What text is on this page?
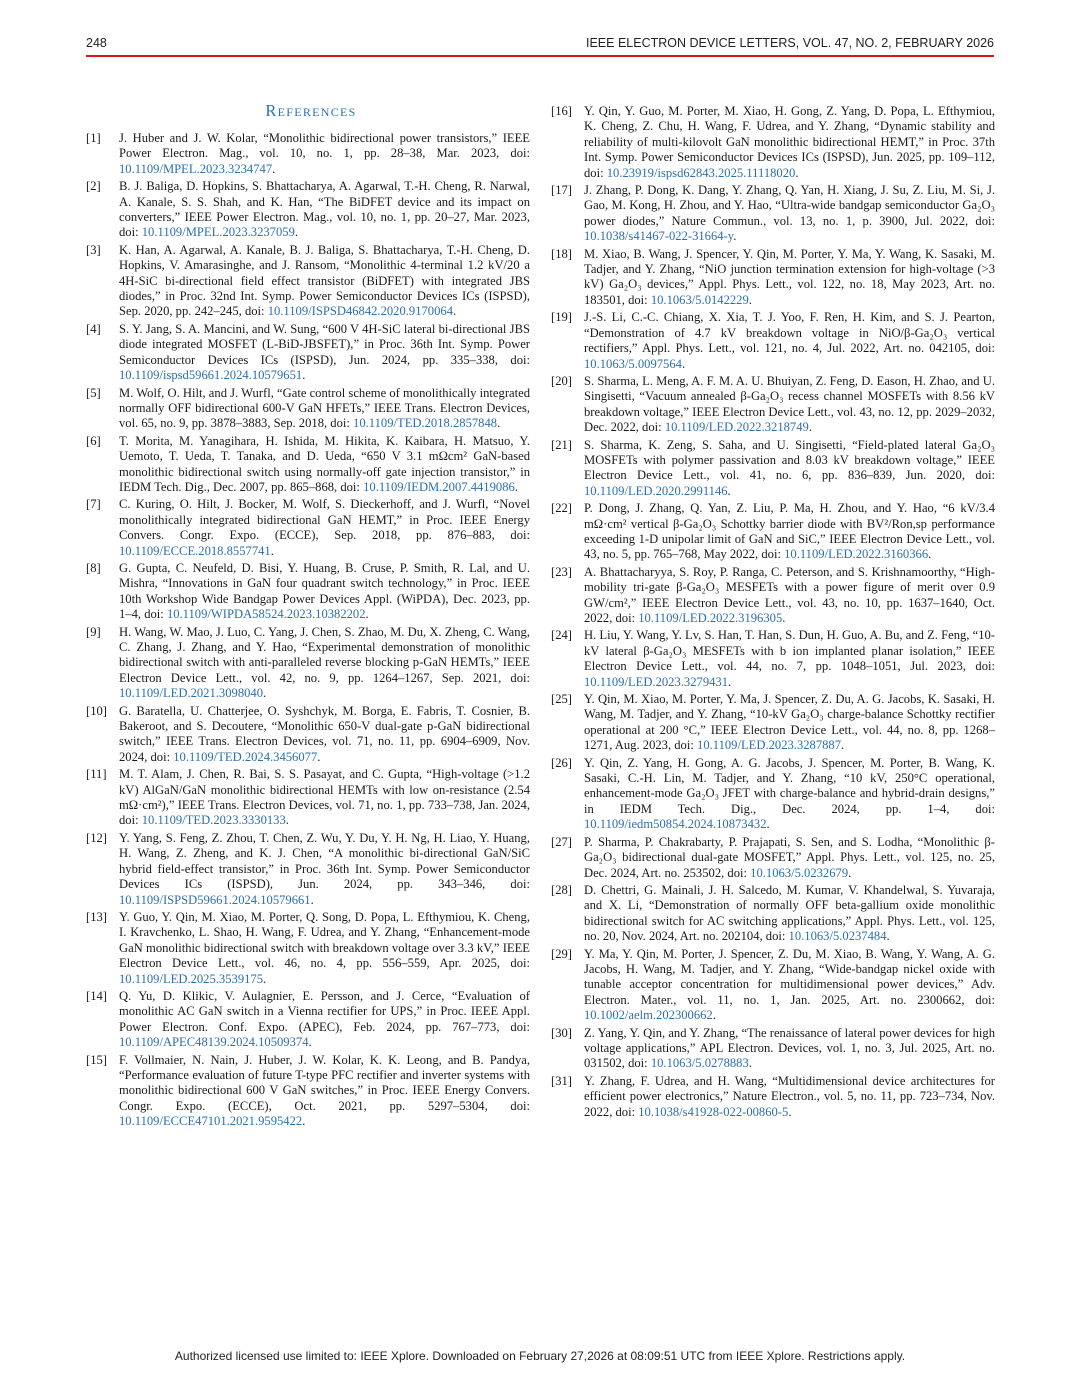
248	IEEE ELECTRON DEVICE LETTERS, VOL. 47, NO. 2, FEBRUARY 2026
References
[1] J. Huber and J. W. Kolar, “Monolithic bidirectional power transistors,” IEEE Power Electron. Mag., vol. 10, no. 1, pp. 28–38, Mar. 2023, doi: 10.1109/MPEL.2023.3234747.
[2] B. J. Baliga, D. Hopkins, S. Bhattacharya, A. Agarwal, T.-H. Cheng, R. Narwal, A. Kanale, S. S. Shah, and K. Han, “The BiDFET device and its impact on converters,” IEEE Power Electron. Mag., vol. 10, no. 1, pp. 20–27, Mar. 2023, doi: 10.1109/MPEL.2023.3237059.
[3] K. Han, A. Agarwal, A. Kanale, B. J. Baliga, S. Bhattacharya, T.-H. Cheng, D. Hopkins, V. Amarasinghe, and J. Ransom, “Monolithic 4-terminal 1.2 kV/20 a 4H-SiC bi-directional field effect transistor (BiDFET) with integrated JBS diodes,” in Proc. 32nd Int. Symp. Power Semiconductor Devices ICs (ISPSD), Sep. 2020, pp. 242–245, doi: 10.1109/ISPSD46842.2020.9170064.
[4] S. Y. Jang, S. A. Mancini, and W. Sung, “600 V 4H-SiC lateral bi-directional JBS diode integrated MOSFET (L-BiD-JBSFET),” in Proc. 36th Int. Symp. Power Semiconductor Devices ICs (ISPSD), Jun. 2024, pp. 335–338, doi: 10.1109/ispsd59661.2024.10579651.
[5] M. Wolf, O. Hilt, and J. Wurfl, “Gate control scheme of monolithically integrated normally OFF bidirectional 600-V GaN HFETs,” IEEE Trans. Electron Devices, vol. 65, no. 9, pp. 3878–3883, Sep. 2018, doi: 10.1109/TED.2018.2857848.
[6] T. Morita, M. Yanagihara, H. Ishida, M. Hikita, K. Kaibara, H. Matsuo, Y. Uemoto, T. Ueda, T. Tanaka, and D. Ueda, “650 V 3.1 mΩcm² GaN-based monolithic bidirectional switch using normally-off gate injection transistor,” in IEDM Tech. Dig., Dec. 2007, pp. 865–868, doi: 10.1109/IEDM.2007.4419086.
[7] C. Kuring, O. Hilt, J. Bocker, M. Wolf, S. Dieckerhoff, and J. Wurfl, “Novel monolithically integrated bidirectional GaN HEMT,” in Proc. IEEE Energy Convers. Congr. Expo. (ECCE), Sep. 2018, pp. 876–883, doi: 10.1109/ECCE.2018.8557741.
[8] G. Gupta, C. Neufeld, D. Bisi, Y. Huang, B. Cruse, P. Smith, R. Lal, and U. Mishra, “Innovations in GaN four quadrant switch technology,” in Proc. IEEE 10th Workshop Wide Bandgap Power Devices Appl. (WiPDA), Dec. 2023, pp. 1–4, doi: 10.1109/WIPDA58524.2023.10382202.
[9] H. Wang, W. Mao, J. Luo, C. Yang, J. Chen, S. Zhao, M. Du, X. Zheng, C. Wang, C. Zhang, J. Zhang, and Y. Hao, “Experimental demonstration of monolithic bidirectional switch with anti-paralleled reverse blocking p-GaN HEMTs,” IEEE Electron Device Lett., vol. 42, no. 9, pp. 1264–1267, Sep. 2021, doi: 10.1109/LED.2021.3098040.
[10] G. Baratella, U. Chatterjee, O. Syshchyk, M. Borga, E. Fabris, T. Cosnier, B. Bakeroot, and S. Decoutere, “Monolithic 650-V dual-gate p-GaN bidirectional switch,” IEEE Trans. Electron Devices, vol. 71, no. 11, pp. 6904–6909, Nov. 2024, doi: 10.1109/TED.2024.3456077.
[11] M. T. Alam, J. Chen, R. Bai, S. S. Pasayat, and C. Gupta, “High-voltage (>1.2 kV) AlGaN/GaN monolithic bidirectional HEMTs with low on-resistance (2.54 mΩ·cm²),” IEEE Trans. Electron Devices, vol. 71, no. 1, pp. 733–738, Jan. 2024, doi: 10.1109/TED.2023.3330133.
[12] Y. Yang, S. Feng, Z. Zhou, T. Chen, Z. Wu, Y. Du, Y. H. Ng, H. Liao, Y. Huang, H. Wang, Z. Zheng, and K. J. Chen, “A monolithic bi-directional GaN/SiC hybrid field-effect transistor,” in Proc. 36th Int. Symp. Power Semiconductor Devices ICs (ISPSD), Jun. 2024, pp. 343–346, doi: 10.1109/ISPSD59661.2024.10579661.
[13] Y. Guo, Y. Qin, M. Xiao, M. Porter, Q. Song, D. Popa, L. Efthymiou, K. Cheng, I. Kravchenko, L. Shao, H. Wang, F. Udrea, and Y. Zhang, “Enhancement-mode GaN monolithic bidirectional switch with breakdown voltage over 3.3 kV,” IEEE Electron Device Lett., vol. 46, no. 4, pp. 556–559, Apr. 2025, doi: 10.1109/LED.2025.3539175.
[14] Q. Yu, D. Klikic, V. Aulagnier, E. Persson, and J. Cerce, “Evaluation of monolithic AC GaN switch in a Vienna rectifier for UPS,” in Proc. IEEE Appl. Power Electron. Conf. Expo. (APEC), Feb. 2024, pp. 767–773, doi: 10.1109/APEC48139.2024.10509374.
[15] F. Vollmaier, N. Nain, J. Huber, J. W. Kolar, K. K. Leong, and B. Pandya, “Performance evaluation of future T-type PFC rectifier and inverter systems with monolithic bidirectional 600 V GaN switches,” in Proc. IEEE Energy Convers. Congr. Expo. (ECCE), Oct. 2021, pp. 5297–5304, doi: 10.1109/ECCE47101.2021.9595422.
[16] Y. Qin, Y. Guo, M. Porter, M. Xiao, H. Gong, Z. Yang, D. Popa, L. Efthymiou, K. Cheng, Z. Chu, H. Wang, F. Udrea, and Y. Zhang, “Dynamic stability and reliability of multi-kilovolt GaN monolithic bidirectional HEMT,” in Proc. 37th Int. Symp. Power Semiconductor Devices ICs (ISPSD), Jun. 2025, pp. 109–112, doi: 10.23919/ispsd62843.2025.11118020.
[17] J. Zhang, P. Dong, K. Dang, Y. Zhang, Q. Yan, H. Xiang, J. Su, Z. Liu, M. Si, J. Gao, M. Kong, H. Zhou, and Y. Hao, “Ultra-wide bandgap semiconductor Ga₂O₃ power diodes,” Nature Commun., vol. 13, no. 1, p. 3900, Jul. 2022, doi: 10.1038/s41467-022-31664-y.
[18] M. Xiao, B. Wang, J. Spencer, Y. Qin, M. Porter, Y. Ma, Y. Wang, K. Sasaki, M. Tadjer, and Y. Zhang, “NiO junction termination extension for high-voltage (>3 kV) Ga₂O₃ devices,” Appl. Phys. Lett., vol. 122, no. 18, May 2023, Art. no. 183501, doi: 10.1063/5.0142229.
[19] J.-S. Li, C.-C. Chiang, X. Xia, T. J. Yoo, F. Ren, H. Kim, and S. J. Pearton, “Demonstration of 4.7 kV breakdown voltage in NiO/β-Ga₂O₃ vertical rectifiers,” Appl. Phys. Lett., vol. 121, no. 4, Jul. 2022, Art. no. 042105, doi: 10.1063/5.0097564.
[20] S. Sharma, L. Meng, A. F. M. A. U. Bhuiyan, Z. Feng, D. Eason, H. Zhao, and U. Singisetti, “Vacuum annealed β-Ga₂O₃ recess channel MOSFETs with 8.56 kV breakdown voltage,” IEEE Electron Device Lett., vol. 43, no. 12, pp. 2029–2032, Dec. 2022, doi: 10.1109/LED.2022.3218749.
[21] S. Sharma, K. Zeng, S. Saha, and U. Singisetti, “Field-plated lateral Ga₂O₃ MOSFETs with polymer passivation and 8.03 kV breakdown voltage,” IEEE Electron Device Lett., vol. 41, no. 6, pp. 836–839, Jun. 2020, doi: 10.1109/LED.2020.2991146.
[22] P. Dong, J. Zhang, Q. Yan, Z. Liu, P. Ma, H. Zhou, and Y. Hao, “6 kV/3.4 mΩ·cm² vertical β-Ga₂O₃ Schottky barrier diode with BV²/Ron,sp performance exceeding 1-D unipolar limit of GaN and SiC,” IEEE Electron Device Lett., vol. 43, no. 5, pp. 765–768, May 2022, doi: 10.1109/LED.2022.3160366.
[23] A. Bhattacharyya, S. Roy, P. Ranga, C. Peterson, and S. Krishnamoorthy, “High-mobility tri-gate β-Ga₂O₃ MESFETs with a power figure of merit over 0.9 GW/cm²,” IEEE Electron Device Lett., vol. 43, no. 10, pp. 1637–1640, Oct. 2022, doi: 10.1109/LED.2022.3196305.
[24] H. Liu, Y. Wang, Y. Lv, S. Han, T. Han, S. Dun, H. Guo, A. Bu, and Z. Feng, “10-kV lateral β-Ga₂O₃ MESFETs with b ion implanted planar isolation,” IEEE Electron Device Lett., vol. 44, no. 7, pp. 1048–1051, Jul. 2023, doi: 10.1109/LED.2023.3279431.
[25] Y. Qin, M. Xiao, M. Porter, Y. Ma, J. Spencer, Z. Du, A. G. Jacobs, K. Sasaki, H. Wang, M. Tadjer, and Y. Zhang, “10-kV Ga₂O₃ charge-balance Schottky rectifier operational at 200 °C,” IEEE Electron Device Lett., vol. 44, no. 8, pp. 1268–1271, Aug. 2023, doi: 10.1109/LED.2023.3287887.
[26] Y. Qin, Z. Yang, H. Gong, A. G. Jacobs, J. Spencer, M. Porter, B. Wang, K. Sasaki, C.-H. Lin, M. Tadjer, and Y. Zhang, “10 kV, 250°C operational, enhancement-mode Ga₂O₃ JFET with charge-balance and hybrid-drain designs,” in IEDM Tech. Dig., Dec. 2024, pp. 1–4, doi: 10.1109/iedm50854.2024.10873432.
[27] P. Sharma, P. Chakrabarty, P. Prajapati, S. Sen, and S. Lodha, “Monolithic β-Ga₂O₃ bidirectional dual-gate MOSFET,” Appl. Phys. Lett., vol. 125, no. 25, Dec. 2024, Art. no. 253502, doi: 10.1063/5.0232679.
[28] D. Chettri, G. Mainali, J. H. Salcedo, M. Kumar, V. Khandelwal, S. Yuvaraja, and X. Li, “Demonstration of normally OFF beta-gallium oxide monolithic bidirectional switch for AC switching applications,” Appl. Phys. Lett., vol. 125, no. 20, Nov. 2024, Art. no. 202104, doi: 10.1063/5.0237484.
[29] Y. Ma, Y. Qin, M. Porter, J. Spencer, Z. Du, M. Xiao, B. Wang, Y. Wang, A. G. Jacobs, H. Wang, M. Tadjer, and Y. Zhang, “Wide-bandgap nickel oxide with tunable acceptor concentration for multidimensional power devices,” Adv. Electron. Mater., vol. 11, no. 1, Jan. 2025, Art. no. 2300662, doi: 10.1002/aelm.202300662.
[30] Z. Yang, Y. Qin, and Y. Zhang, “The renaissance of lateral power devices for high voltage applications,” APL Electron. Devices, vol. 1, no. 3, Jul. 2025, Art. no. 031502, doi: 10.1063/5.0278883.
[31] Y. Zhang, F. Udrea, and H. Wang, “Multidimensional device architectures for efficient power electronics,” Nature Electron., vol. 5, no. 11, pp. 723–734, Nov. 2022, doi: 10.1038/s41928-022-00860-5.
Authorized licensed use limited to: IEEE Xplore. Downloaded on February 27,2026 at 08:09:51 UTC from IEEE Xplore. Restrictions apply.
